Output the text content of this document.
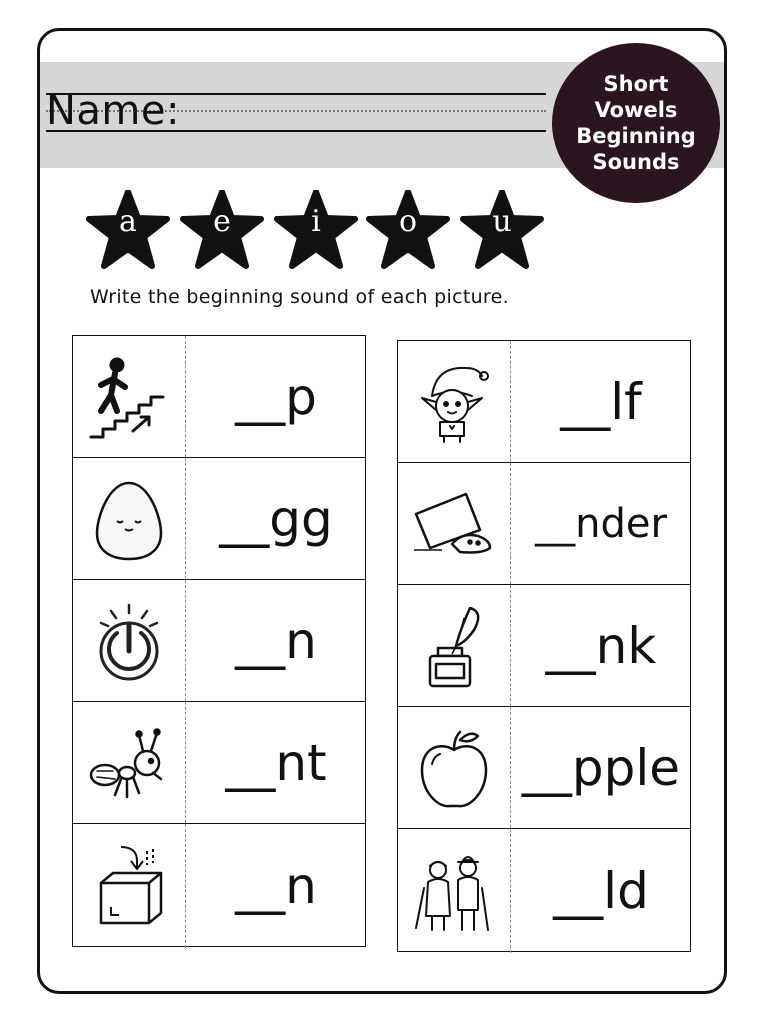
Name:
Short
Vowels
Beginning
Sounds
a	e	i	o	u
Write the beginning sound of each picture.
__p
__gg
__n
__nt
__n
__lf
__nder
__nk
__pple
__ld
